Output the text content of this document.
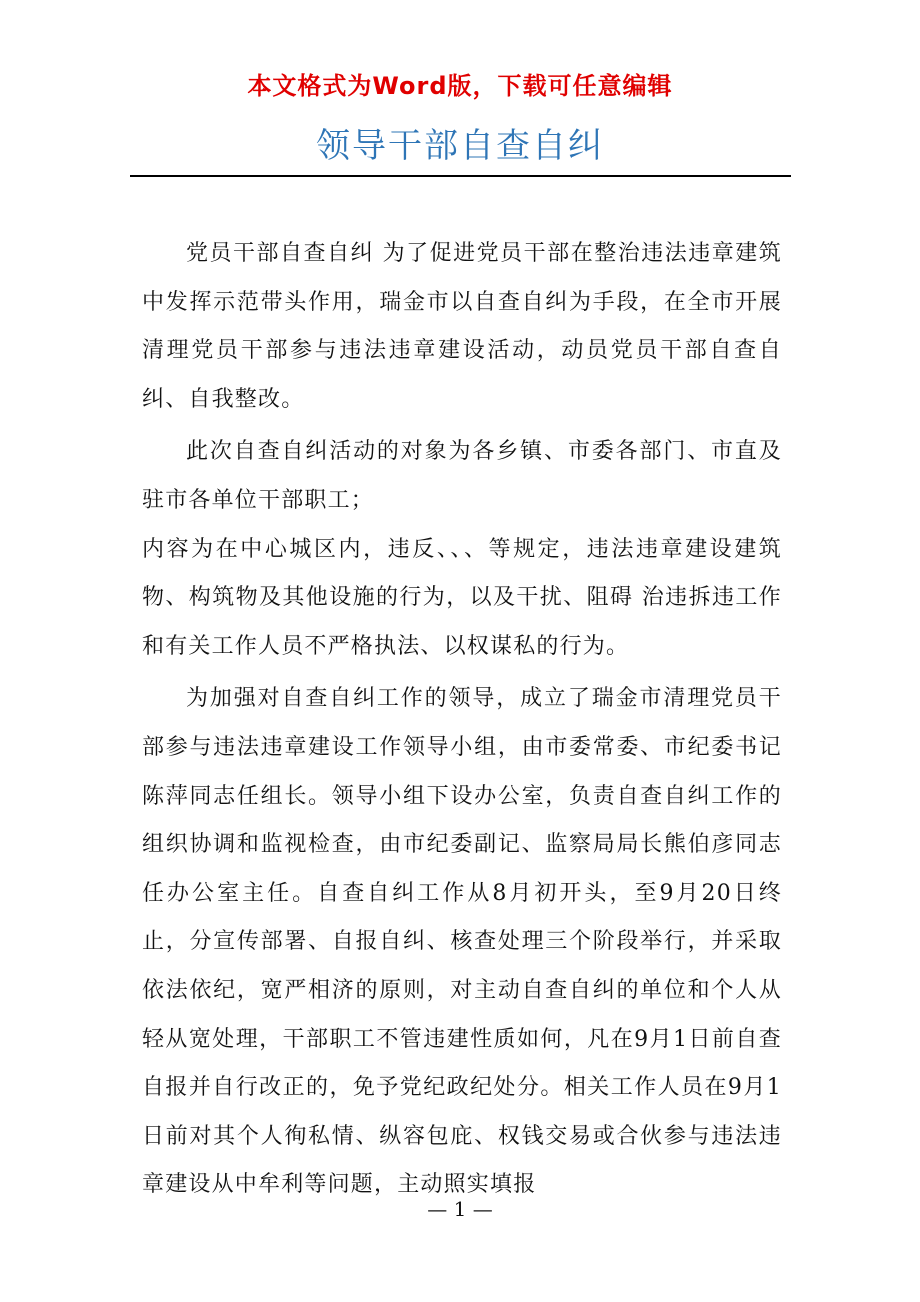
本文格式为Word版，下载可任意编辑
领导干部自查自纠

党员干部自查自纠 为了促进党员干部在整治违法违章建筑中发挥示范带头作用，瑞金市以自查自纠为手段，在全市开展清理党员干部参与违法违章建设活动，动员党员干部自查自纠、自我整改。

此次自查自纠活动的对象为各乡镇、市委各部门、市直及驻市各单位干部职工；

内容为在中心城区内，违反、、、等规定，违法违章建设建筑物、构筑物及其他设施的行为，以及干扰、阻碍 治违拆违工作和有关工作人员不严格执法、以权谋私的行为。

为加强对自查自纠工作的领导，成立了瑞金市清理党员干部参与违法违章建设工作领导小组，由市委常委、市纪委书记陈萍同志任组长。领导小组下设办公室，负责自查自纠工作的组织协调和监视检查，由市纪委副记、监察局局长熊伯彦同志任办公室主任。自查自纠工作从8月初开头，至9月20日终止，分宣传部署、自报自纠、核查处理三个阶段举行，并采取依法依纪，宽严相济的原则，对主动自查自纠的单位和个人从轻从宽处理，干部职工不管违建性质如何，凡在9月1日前自查自报并自行改正的，免予党纪政纪处分。相关工作人员在9月1日前对其个人徇私情、纵容包庇、权钱交易或合伙参与违法违章建设从中牟利等问题，主动照实填报

— 1 —
